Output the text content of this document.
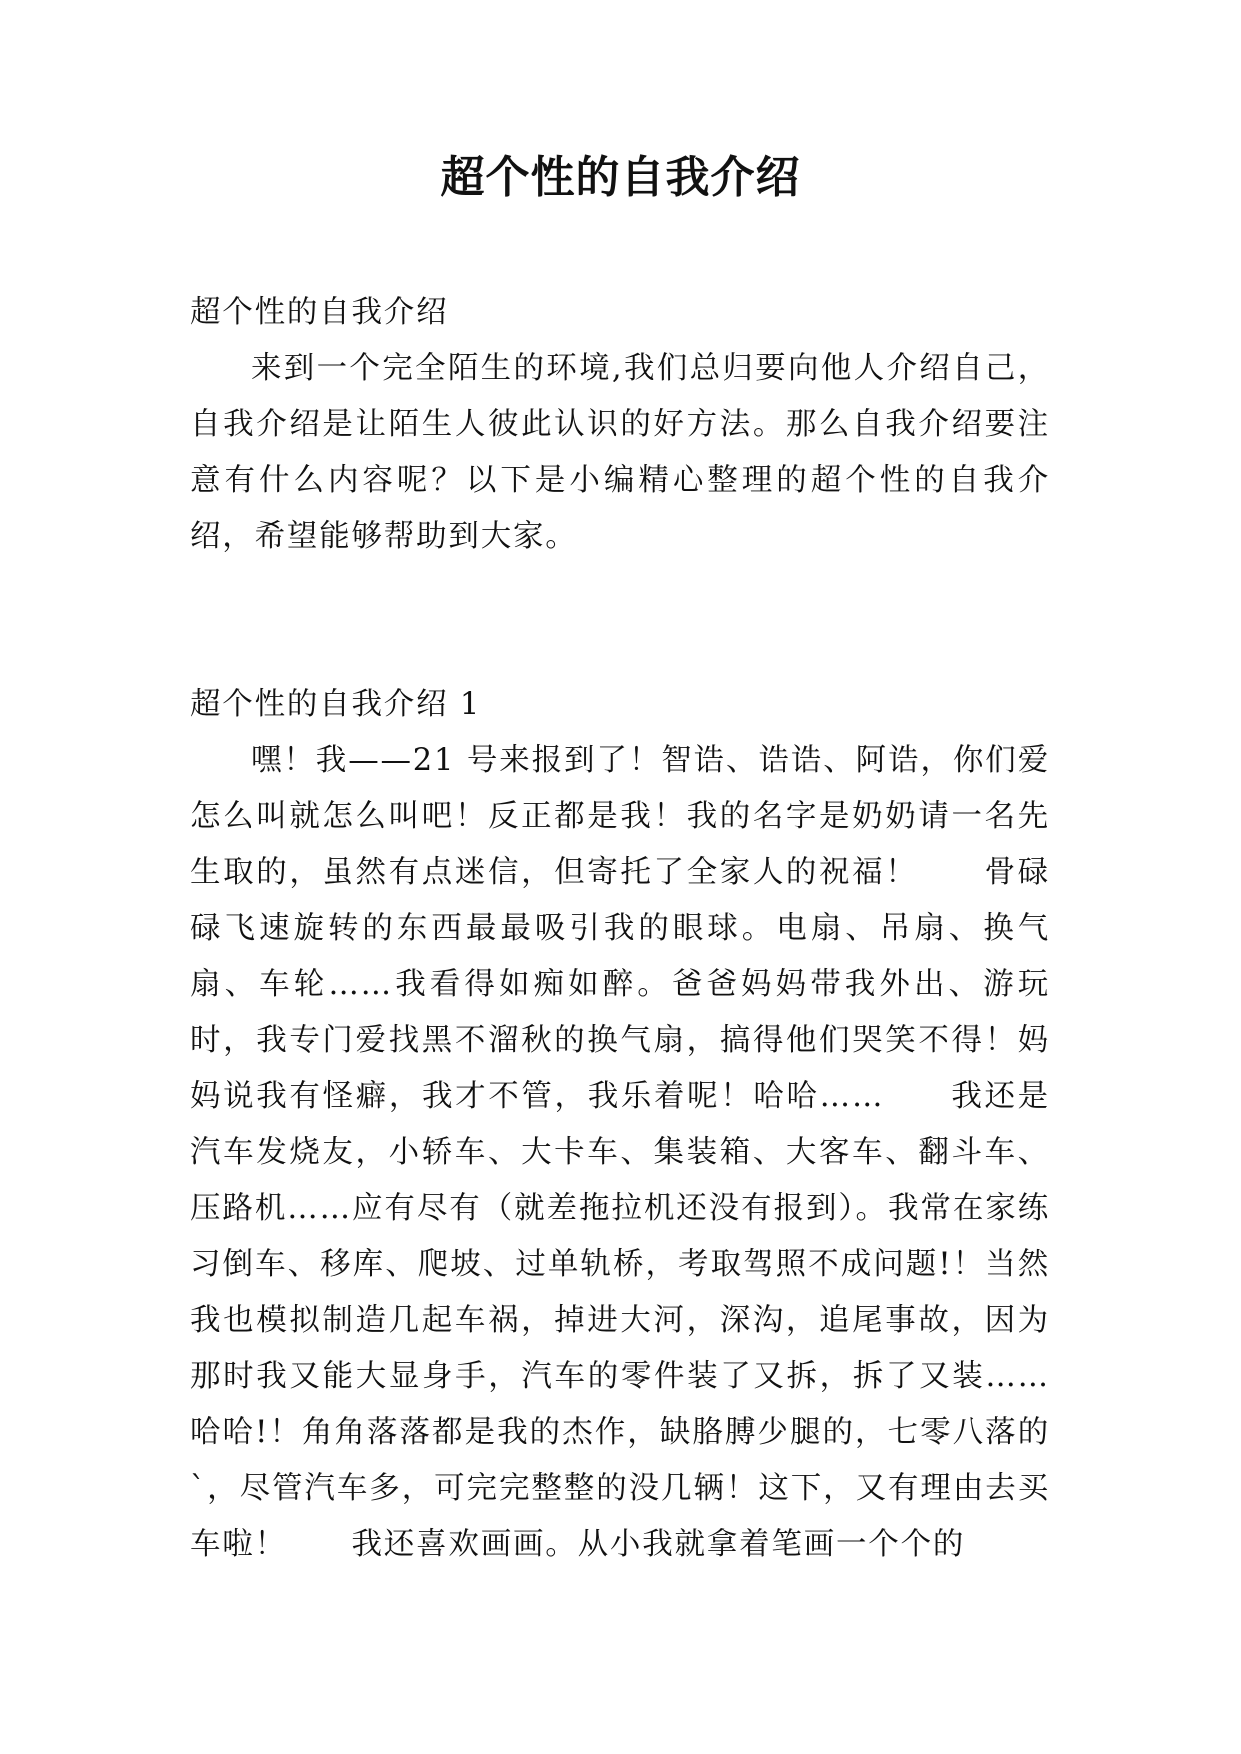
超个性的自我介绍

超个性的自我介绍

来到一个完全陌生的环境,我们总归要向他人介绍自己，自我介绍是让陌生人彼此认识的好方法。那么自我介绍要注意有什么内容呢？以下是小编精心整理的超个性的自我介绍，希望能够帮助到大家。

超个性的自我介绍 1

嘿！我——21 号来报到了！智诰、诰诰、阿诰，你们爱怎么叫就怎么叫吧！反正都是我！我的名字是奶奶请一名先生取的，虽然有点迷信，但寄托了全家人的祝福！　　骨碌碌飞速旋转的东西最最吸引我的眼球。电扇、吊扇、换气扇、车轮……我看得如痴如醉。爸爸妈妈带我外出、游玩时，我专门爱找黑不溜秋的换气扇，搞得他们哭笑不得！妈妈说我有怪癖，我才不管，我乐着呢！哈哈……　　我还是汽车发烧友，小轿车、大卡车、集装箱、大客车、翻斗车、压路机……应有尽有（就差拖拉机还没有报到）。我常在家练习倒车、移库、爬坡、过单轨桥，考取驾照不成问题!！当然我也模拟制造几起车祸，掉进大河，深沟，追尾事故，因为那时我又能大显身手，汽车的零件装了又拆，拆了又装……哈哈!！角角落落都是我的杰作，缺胳膊少腿的，七零八落的`，尽管汽车多，可完完整整的没几辆！这下，又有理由去买车啦！　　我还喜欢画画。从小我就拿着笔画一个个的
